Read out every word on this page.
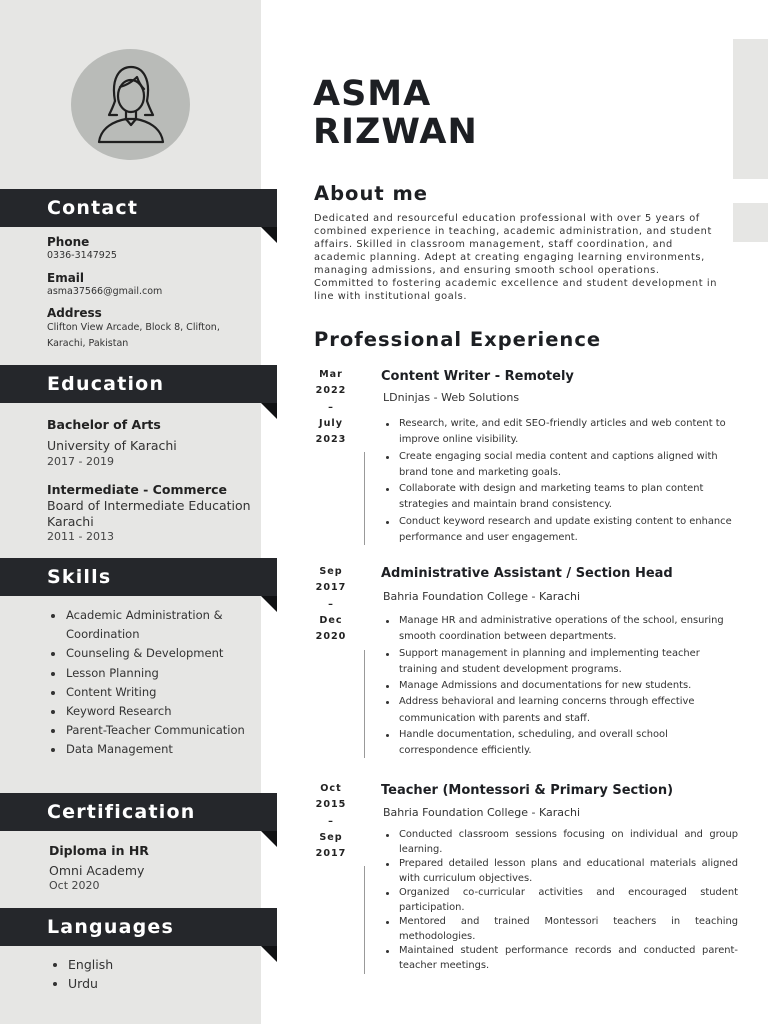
Contact
Phone
0336-3147925
Email
asma37566@gmail.com
Address
Clifton View Arcade, Block 8, Clifton,
Karachi, Pakistan
Education
Bachelor of Arts
University of Karachi
2017 - 2019
Intermediate - Commerce
Board of Intermediate Education Karachi
2011 - 2013
Skills
Academic Administration & Coordination
Counseling & Development
Lesson Planning
Content Writing
Keyword Research
Parent-Teacher Communication
Data Management
Certification
Diploma in HR
Omni Academy
Oct 2020
Languages
English
Urdu
ASMA
RIZWAN
About me
Dedicated and resourceful education professional with over 5 years of combined experience in teaching, academic administration, and student affairs. Skilled in classroom management, staff coordination, and academic planning. Adept at creating engaging learning environments, managing admissions, and ensuring smooth school operations. Committed to fostering academic excellence and student development in line with institutional goals.
Professional Experience
Mar
2022
–
July
2023
Content Writer - Remotely
LDninjas - Web Solutions
Research, write, and edit SEO-friendly articles and web content to improve online visibility.
Create engaging social media content and captions aligned with brand tone and marketing goals.
Collaborate with design and marketing teams to plan content strategies and maintain brand consistency.
Conduct keyword research and update existing content to enhance performance and user engagement.
Sep
2017
–
Dec
2020
Administrative Assistant / Section Head
Bahria Foundation College - Karachi
Manage HR and administrative operations of the school, ensuring smooth coordination between departments.
Support management in planning and implementing teacher training and student development programs.
Manage Admissions and documentations for new students.
Address behavioral and learning concerns through effective communication with parents and staff.
Handle documentation, scheduling, and overall school correspondence efficiently.
Oct
2015
–
Sep
2017
Teacher (Montessori & Primary Section)
Bahria Foundation College - Karachi
Conducted classroom sessions focusing on individual and group learning.
Prepared detailed lesson plans and educational materials aligned with curriculum objectives.
Organized co-curricular activities and encouraged student participation.
Mentored and trained Montessori teachers in teaching methodologies.
Maintained student performance records and conducted parent-teacher meetings.
